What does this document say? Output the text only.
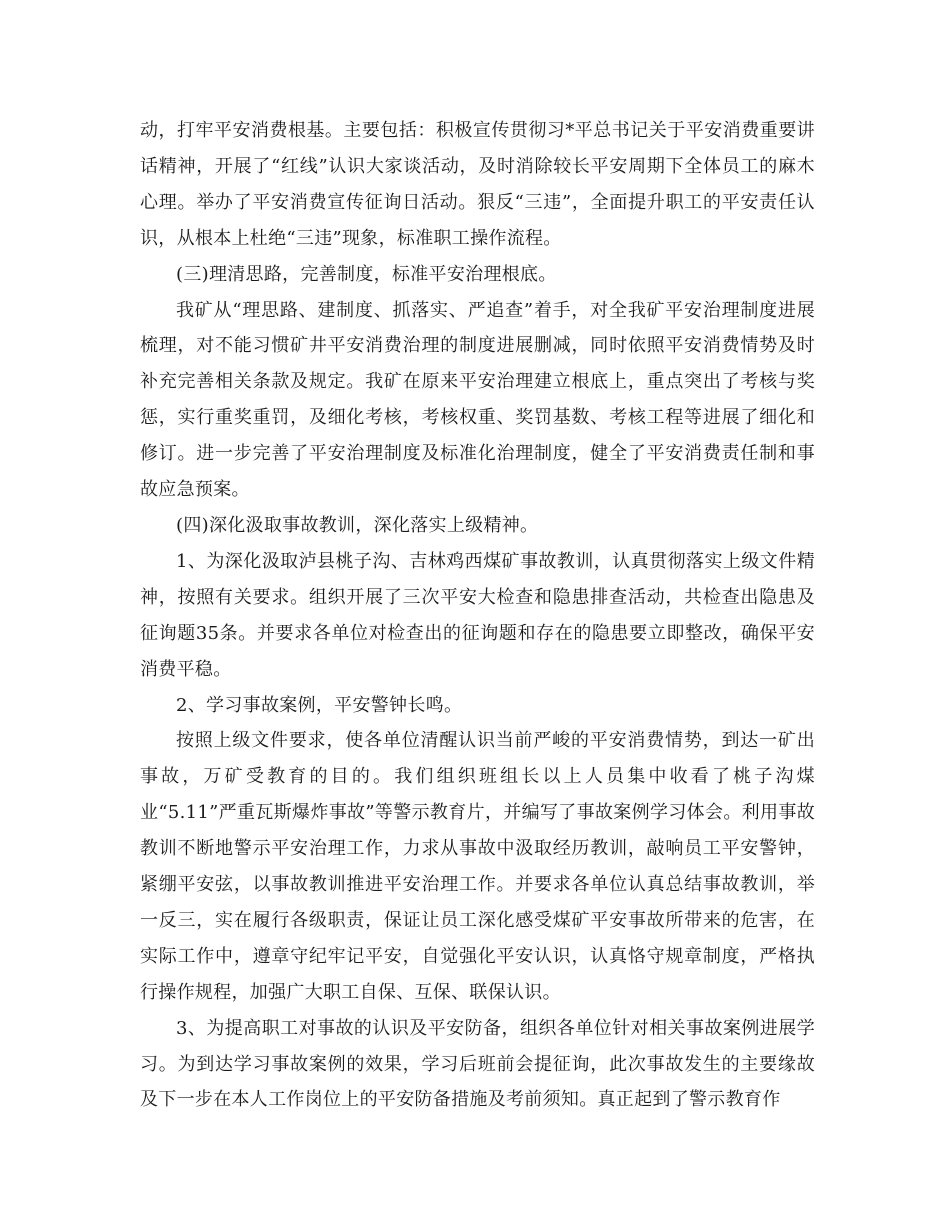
动，打牢平安消费根基。主要包括：积极宣传贯彻习*平总书记关于平安消费重要讲话精神，开展了“红线”认识大家谈活动，及时消除较长平安周期下全体员工的麻木心理。举办了平安消费宣传征询日活动。狠反“三违”，全面提升职工的平安责任认识，从根本上杜绝“三违”现象，标准职工操作流程。

(三)理清思路，完善制度，标准平安治理根底。

我矿从“理思路、建制度、抓落实、严追查”着手，对全我矿平安治理制度进展梳理，对不能习惯矿井平安消费治理的制度进展删减，同时依照平安消费情势及时补充完善相关条款及规定。我矿在原来平安治理建立根底上，重点突出了考核与奖惩，实行重奖重罚，及细化考核，考核权重、奖罚基数、考核工程等进展了细化和修订。进一步完善了平安治理制度及标准化治理制度，健全了平安消费责任制和事故应急预案。

(四)深化汲取事故教训，深化落实上级精神。

1、为深化汲取泸县桃子沟、吉林鸡西煤矿事故教训，认真贯彻落实上级文件精神，按照有关要求。组织开展了三次平安大检查和隐患排查活动，共检查出隐患及征询题35条。并要求各单位对检查出的征询题和存在的隐患要立即整改，确保平安消费平稳。

2、学习事故案例，平安警钟长鸣。

按照上级文件要求，使各单位清醒认识当前严峻的平安消费情势，到达一矿出事故，万矿受教育的目的。我们组织班组长以上人员集中收看了桃子沟煤业“5.11”严重瓦斯爆炸事故”等警示教育片，并编写了事故案例学习体会。利用事故教训不断地警示平安治理工作，力求从事故中汲取经历教训，敲响员工平安警钟，紧绷平安弦，以事故教训推进平安治理工作。并要求各单位认真总结事故教训，举一反三，实在履行各级职责，保证让员工深化感受煤矿平安事故所带来的危害，在实际工作中，遵章守纪牢记平安，自觉强化平安认识，认真恪守规章制度，严格执行操作规程，加强广大职工自保、互保、联保认识。

3、为提高职工对事故的认识及平安防备，组织各单位针对相关事故案例进展学习。为到达学习事故案例的效果，学习后班前会提征询，此次事故发生的主要缘故及下一步在本人工作岗位上的平安防备措施及考前须知。真正起到了警示教育作
